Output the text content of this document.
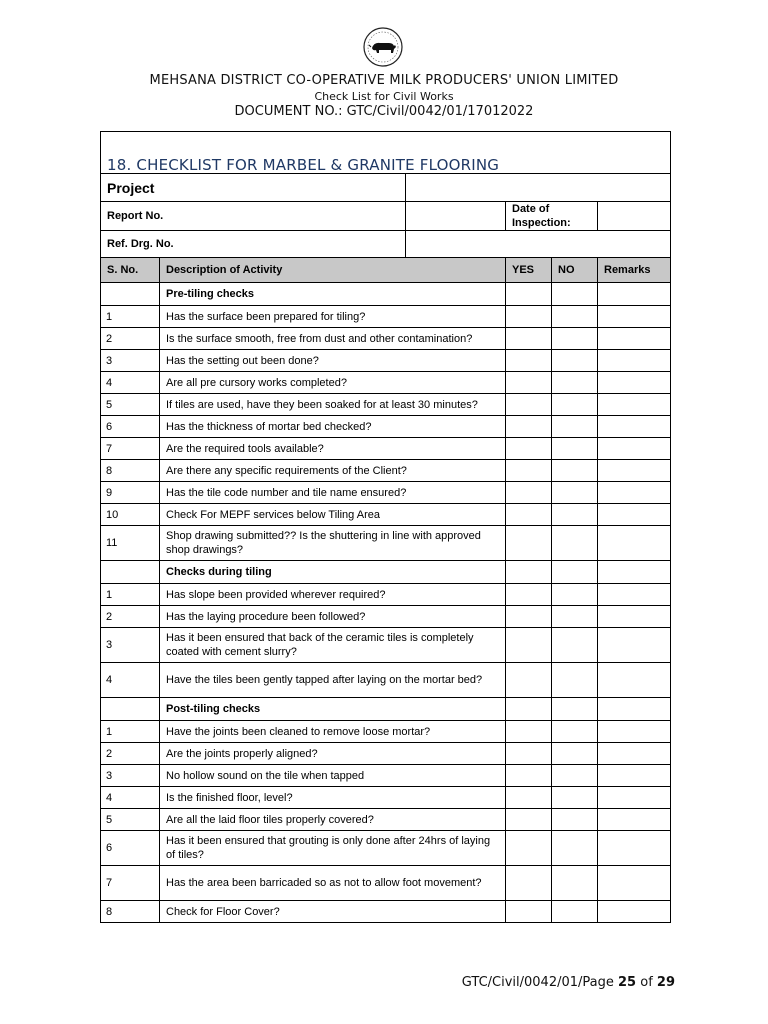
MEHSANA DISTRICT CO-OPERATIVE MILK PRODUCERS' UNION LIMITED
Check List for Civil Works
DOCUMENT NO.: GTC/Civil/0042/01/17012022
18. CHECKLIST FOR MARBEL & GRANITE FLOORING					
Project					
Report No.			Date of Inspection:		
Ref. Drg. No.					
S. No.	Description of Activity		YES	NO	Remarks
	Pre-tiling checks				
1	Has the surface been prepared for tiling?				
2	Is the surface smooth, free from dust and other contamination?				
3	Has the setting out been done?				
4	Are all pre cursory works completed?				
5	If tiles are used, have they been soaked for at least 30 minutes?				
6	Has the thickness of mortar bed checked?				
7	Are the required tools available?				
8	Are there any specific requirements of the Client?				
9	Has the tile code number and tile name ensured?				
10	Check For MEPF services below Tiling Area				
11	Shop drawing submitted?? Is the shuttering in line with approved shop drawings?				
	Checks during tiling				
1	Has slope been provided wherever required?				
2	Has the laying procedure been followed?				
3	Has it been ensured that back of the ceramic tiles is completely coated with cement slurry?				
4	Have the tiles been gently tapped after laying on the mortar bed?				
	Post-tiling checks				
1	Have the joints been cleaned to remove loose mortar?				
2	Are the joints properly aligned?				
3	No hollow sound on the tile when tapped				
4	Is the finished floor, level?				
5	Are all the laid floor tiles properly covered?				
6	Has it been ensured that grouting is only done after 24hrs of laying of tiles?				
7	Has the area been barricaded so as not to allow foot movement?				
8	Check for Floor Cover?				
GTC/Civil/0042/01/Page 25 of 29
